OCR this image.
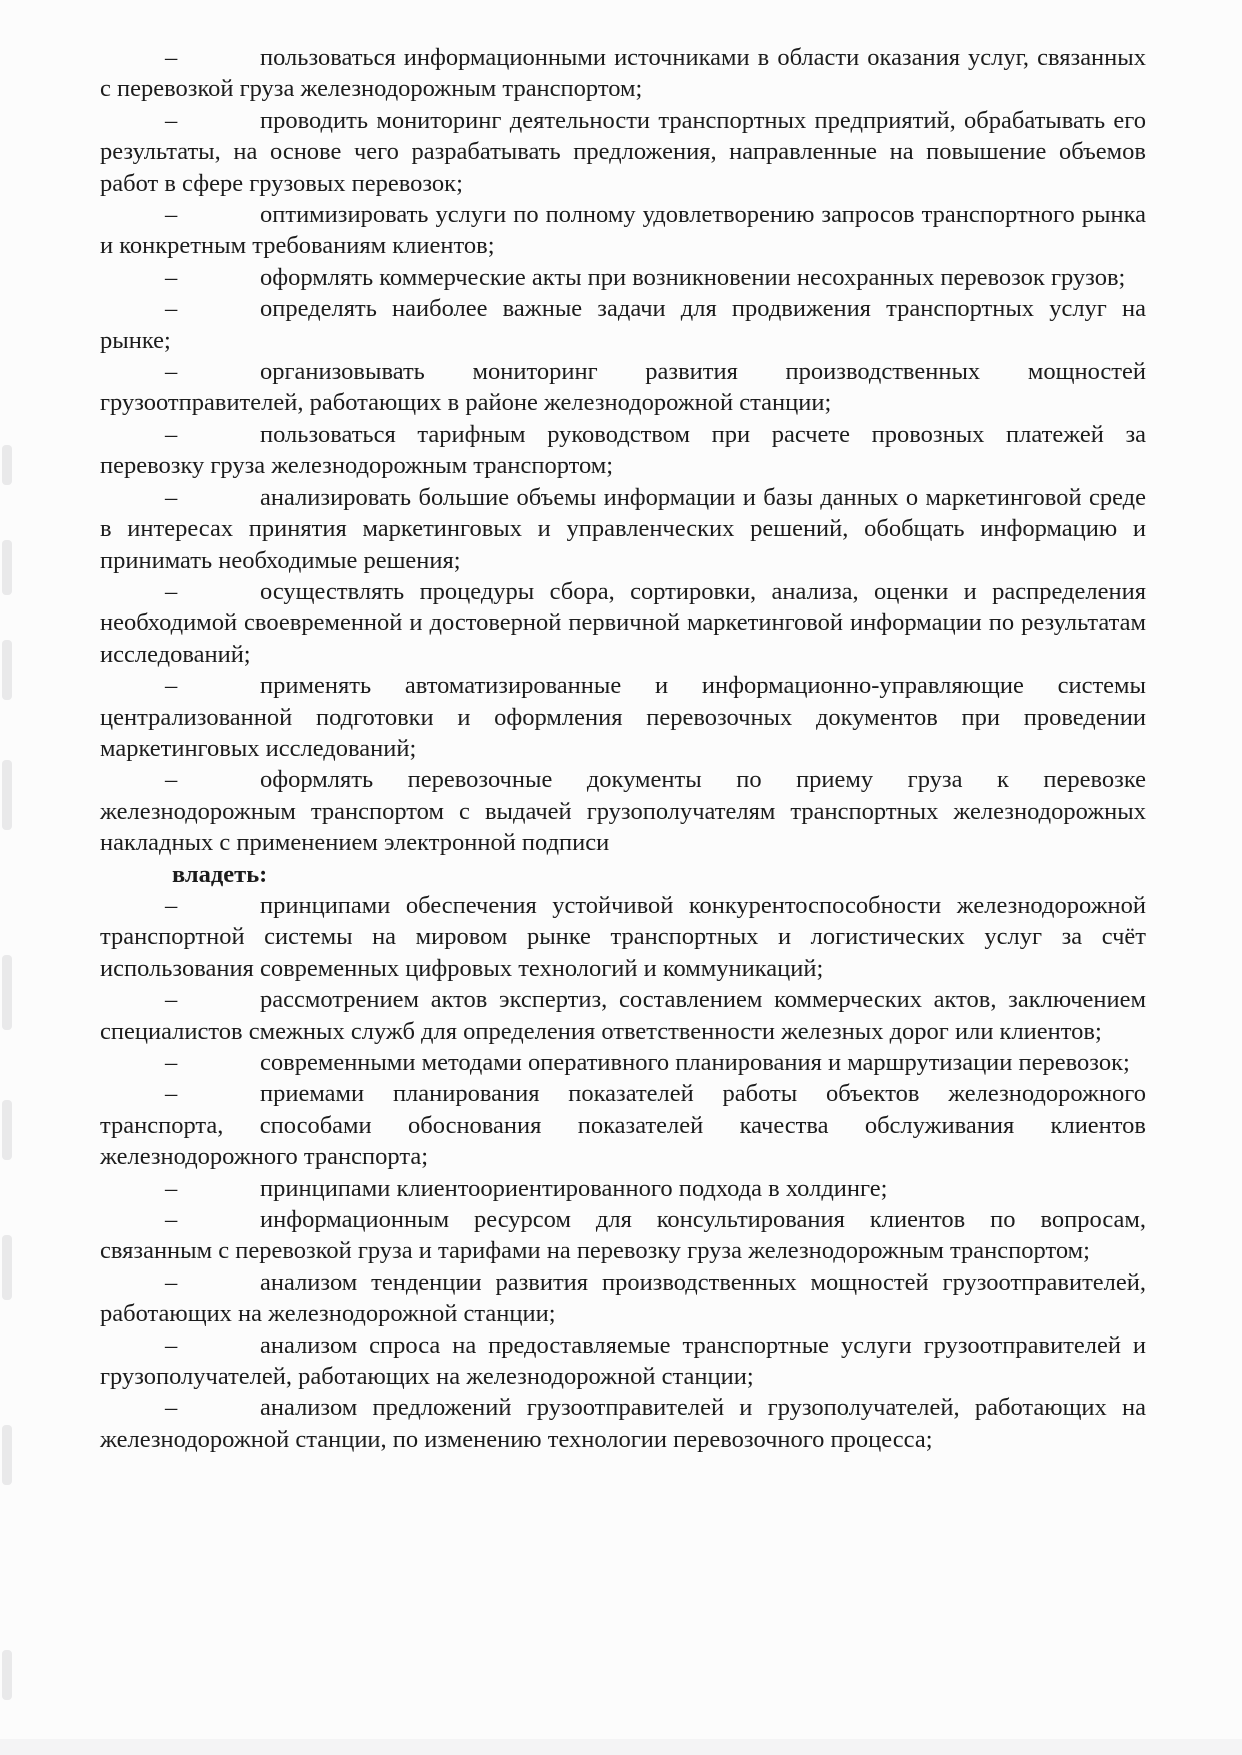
–	пользоваться информационными источниками в области оказания услуг, связанных с перевозкой груза железнодорожным транспортом;

–	проводить мониторинг деятельности транспортных предприятий, обрабатывать его результаты, на основе чего разрабатывать предложения, направленные на повышение объемов работ в сфере грузовых перевозок;

–	оптимизировать услуги по полному удовлетворению запросов транспортного рынка и конкретным требованиям клиентов;

–	оформлять коммерческие акты при возникновении несохранных перевозок грузов;

–	определять наиболее важные задачи для продвижения транспортных услуг на рынке;

–	организовывать мониторинг развития производственных мощностей грузоотправителей, работающих в районе железнодорожной станции;

–	пользоваться тарифным руководством при расчете провозных платежей за перевозку груза железнодорожным транспортом;

–	анализировать большие объемы информации и базы данных о маркетинговой среде в интересах принятия маркетинговых и управленческих решений, обобщать информацию и принимать необходимые решения;

–	осуществлять процедуры сбора, сортировки, анализа, оценки и распределения необходимой своевременной и достоверной первичной маркетинговой информации по результатам исследований;

–	применять автоматизированные и информационно-управляющие системы централизованной подготовки и оформления перевозочных документов при проведении маркетинговых исследований;

–	оформлять перевозочные документы по приему груза к перевозке железнодорожным транспортом с выдачей грузополучателям транспортных железнодорожных накладных с применением электронной подписи

владеть:

–	принципами обеспечения устойчивой конкурентоспособности железнодорожной транспортной системы на мировом рынке транспортных и логистических услуг за счёт использования современных цифровых технологий и коммуникаций;

–	рассмотрением актов экспертиз, составлением коммерческих актов, заключением специалистов смежных служб для определения ответственности железных дорог или клиентов;

–	современными методами оперативного планирования и маршрутизации перевозок;

–	приемами планирования показателей работы объектов железнодорожного транспорта, способами обоснования показателей качества обслуживания клиентов железнодорожного транспорта;

–	принципами клиентоориентированного подхода в холдинге;

–	информационным ресурсом для консультирования клиентов по вопросам, связанным с перевозкой груза и тарифами на перевозку груза железнодорожным транспортом;

–	анализом тенденции развития производственных мощностей грузоотправителей, работающих на железнодорожной станции;

–	анализом спроса на предоставляемые транспортные услуги грузоотправителей и грузополучателей, работающих на железнодорожной станции;

–	анализом предложений грузоотправителей и грузополучателей, работающих на железнодорожной станции, по изменению технологии перевозочного процесса;
